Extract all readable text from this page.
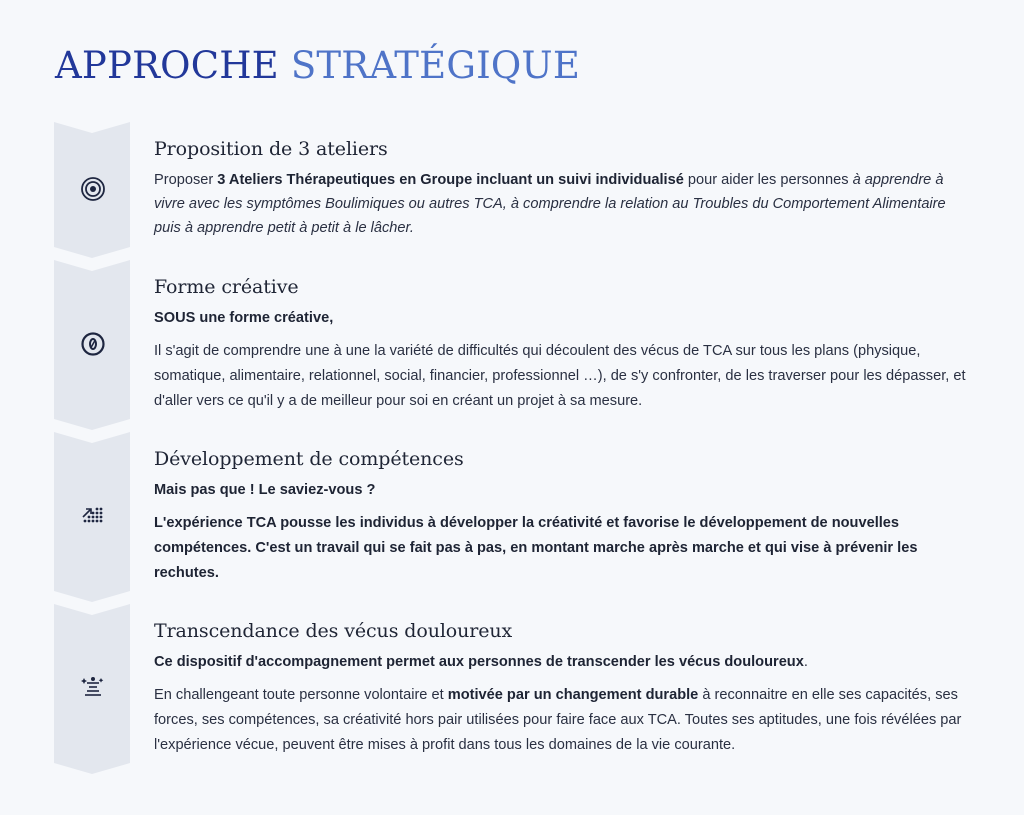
APPROCHE STRATÉGIQUE
Proposition de 3 ateliers

Proposer 3 Ateliers Thérapeutiques en Groupe incluant un suivi individualisé pour aider les personnes à apprendre à vivre avec les symptômes Boulimiques ou autres TCA, à comprendre la relation au Troubles du Comportement Alimentaire puis à apprendre petit à petit à le lâcher.

Forme créative

SOUS une forme créative,

Il s'agit de comprendre une à une la variété de difficultés qui découlent des vécus de TCA sur tous les plans (physique, somatique, alimentaire, relationnel, social, financier, professionnel …), de s'y confronter, de les traverser pour les dépasser, et d'aller vers ce qu'il y a de meilleur pour soi en créant un projet à sa mesure.

Développement de compétences

Mais pas que ! Le saviez-vous ?

L'expérience TCA pousse les individus à développer la créativité et favorise le développement de nouvelles compétences. C'est un travail qui se fait pas à pas, en montant marche après marche et qui vise à prévenir les rechutes.

Transcendance des vécus douloureux

Ce dispositif d'accompagnement permet aux personnes de transcender les vécus douloureux.

En challengeant toute personne volontaire et motivée par un changement durable à reconnaitre en elle ses capacités, ses forces, ses compétences, sa créativité hors pair utilisées pour faire face aux TCA. Toutes ses aptitudes, une fois révélées par l'expérience vécue, peuvent être mises à profit dans tous les domaines de la vie courante.
